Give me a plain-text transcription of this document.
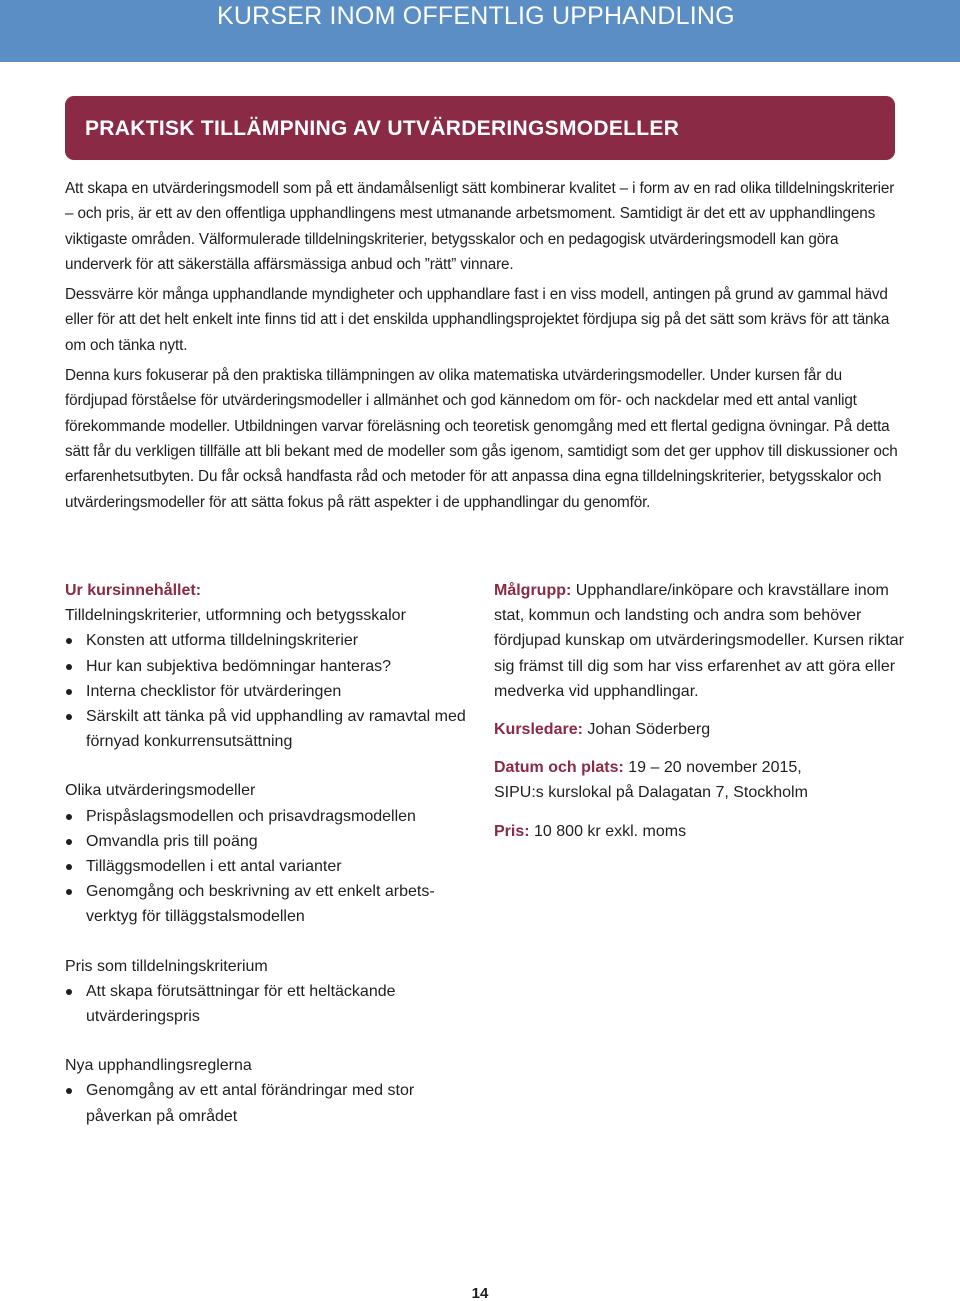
KURSER INOM OFFENTLIG UPPHANDLING
PRAKTISK TILLÄMPNING AV UTVÄRDERINGSMODELLER

Att skapa en utvärderingsmodell som på ett ändamålsenligt sätt kombinerar kvalitet – i form av en rad olika tilldelningskriterier – och pris, är ett av den offentliga upphandlingens mest utmanande arbetsmoment. Samtidigt är det ett av upphandlingens viktigaste områden. Välformulerade tilldelningskriterier, betygsskalor och en pedagogisk utvärderingsmodell kan göra underverk för att säkerställa affärsmässiga anbud och ”rätt” vinnare.

Dessvärre kör många upphandlande myndigheter och upphandlare fast i en viss modell, antingen på grund av gammal hävd eller för att det helt enkelt inte finns tid att i det enskilda upphandlingsprojektet fördjupa sig på det sätt som krävs för att tänka om och tänka nytt.

Denna kurs fokuserar på den praktiska tillämpningen av olika matematiska utvärderingsmodeller. Under kursen får du fördjupad förståelse för utvärderingsmodeller i allmänhet och god kännedom om för- och nackdelar med ett antal vanligt förekommande modeller. Utbildningen varvar föreläsning och teoretisk genomgång med ett flertal gedigna övningar. På detta sätt får du verkligen tillfälle att bli bekant med de modeller som gås igenom, samtidigt som det ger upphov till diskussioner och erfarenhetsutbyten. Du får också handfasta råd och metoder för att anpassa dina egna tilldelningskriterier, betygsskalor och utvärderingsmodeller för att sätta fokus på rätt aspekter i de upphandlingar du genomför.

Ur kursinnehållet:
Tilldelningskriterier, utformning och betygsskalor
Konsten att utforma tilldelningskriterier
Hur kan subjektiva bedömningar hanteras?
Interna checklistor för utvärderingen
Särskilt att tänka på vid upphandling av ramavtal med förnyad konkurrensutsättning
Olika utvärderingsmodeller
Prispåslagsmodellen och prisavdragsmodellen
Omvandla pris till poäng
Tilläggsmodellen i ett antal varianter
Genomgång och beskrivning av ett enkelt arbetsverktyg för tilläggstalsmodellen
Pris som tilldelningskriterium
Att skapa förutsättningar för ett heltäckande utvärderingspris
Nya upphandlingsreglerna
Genomgång av ett antal förändringar med stor påverkan på området
Målgrupp: Upphandlare/inköpare och kravställare inom stat, kommun och landsting och andra som behöver fördjupad kunskap om utvärderingsmodeller. Kursen riktar sig främst till dig som har viss erfarenhet av att göra eller medverka vid upphandlingar.
Kursledare: Johan Söderberg
Datum och plats: 19 – 20 november 2015,
SIPU:s kurslokal på Dalagatan 7, Stockholm
Pris: 10 800 kr exkl. moms
14
